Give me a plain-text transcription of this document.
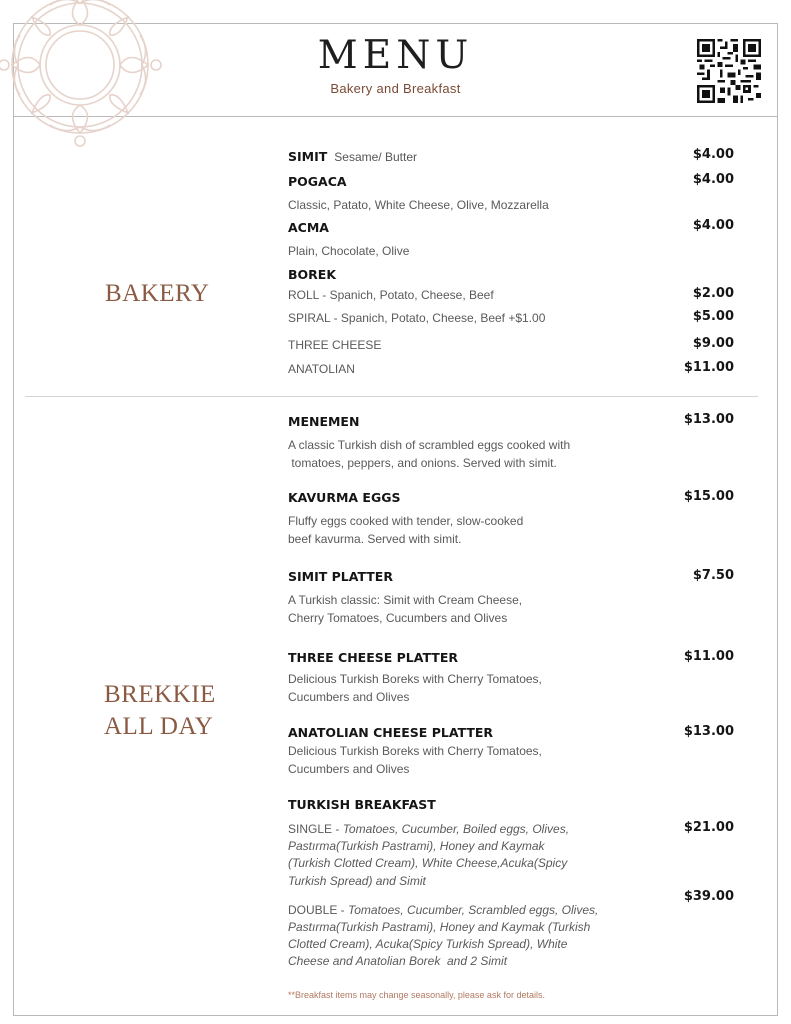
MENU
Bakery and Breakfast
BAKERY
BREKKIE
ALL DAY
SIMIT Sesame/ Butter	$4.00
POGACA	$4.00
Classic, Patato, White Cheese, Olive, Mozzarella
ACMA	$4.00
Plain, Chocolate, Olive
BOREK
ROLL - Spanich, Potato, Cheese, Beef	$2.00
SPIRAL - Spanich, Potato, Cheese, Beef +$1.00	$5.00
THREE CHEESE	$9.00
ANATOLIAN	$11.00
MENEMEN	$13.00
A classic Turkish dish of scrambled eggs cooked with
tomatoes, peppers, and onions. Served with simit.
KAVURMA EGGS	$15.00
Fluffy eggs cooked with tender, slow-cooked
beef kavurma. Served with simit.
SIMIT PLATTER	$7.50
A Turkish classic: Simit with Cream Cheese,
Cherry Tomatoes, Cucumbers and Olives
THREE CHEESE PLATTER	$11.00
Delicious Turkish Boreks with Cherry Tomatoes,
Cucumbers and Olives
ANATOLIAN CHEESE PLATTER	$13.00
Delicious Turkish Boreks with Cherry Tomatoes,
Cucumbers and Olives
TURKISH BREAKFAST
SINGLE - Tomatoes, Cucumber, Boiled eggs, Olives,
Pastırma(Turkish Pastrami), Honey and Kaymak
(Turkish Clotted Cream), White Cheese,Acuka(Spicy
Turkish Spread) and Simit
$21.00
DOUBLE - Tomatoes, Cucumber, Scrambled eggs, Olives,
Pastırma(Turkish Pastrami), Honey and Kaymak (Turkish
Clotted Cream), Acuka(Spicy Turkish Spread), White
Cheese and Anatolian Borek  and 2 Simit
$39.00
**Breakfast items may change seasonally, please ask for details.
